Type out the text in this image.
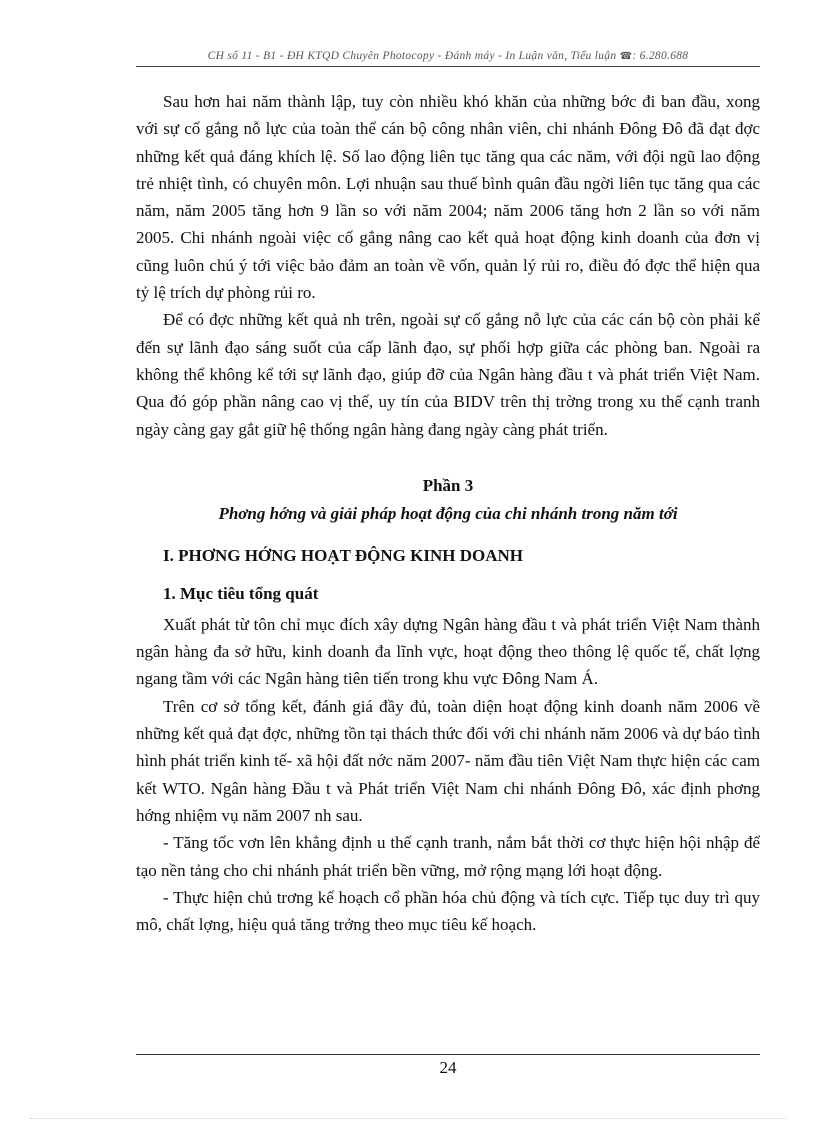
CH số 11 - B1 - ĐH KTQD Chuyên Photocopy - Đánh máy - In Luận văn, Tiểu luận ☎: 6.280.688

Sau hơn hai năm thành lập, tuy còn nhiều khó khăn của những bớc đi ban đầu, xong với sự cố gắng nỗ lực của toàn thể cán bộ công nhân viên, chi nhánh Đông Đô đã đạt đợc những kết quả đáng khích lệ. Số lao động liên tục tăng qua các năm, với đội ngũ lao động trẻ nhiệt tình, có chuyên môn. Lợi nhuận sau thuế bình quân đầu ngời liên tục tăng qua các năm, năm 2005 tăng hơn 9 lần so với năm 2004; năm 2006 tăng hơn 2 lần so với năm 2005. Chi nhánh ngoài việc cố gắng nâng cao kết quả hoạt động kinh doanh của đơn vị cũng luôn chú ý tới việc bảo đảm an toàn về vốn, quản lý rủi ro, điều đó đợc thể hiện qua tỷ lệ trích dự phòng rủi ro.

Để có đợc những kết quả nh trên, ngoài sự cố gắng nỗ lực của các cán bộ còn phải kể đến sự lãnh đạo sáng suốt của cấp lãnh đạo, sự phối hợp giữa các phòng ban. Ngoài ra không thể không kể tới sự lãnh đạo, giúp đỡ của Ngân hàng đầu t và phát triển Việt Nam. Qua đó góp phần nâng cao vị thế, uy tín của BIDV trên thị trờng trong xu thế cạnh tranh ngày càng gay gắt giữ hệ thống ngân hàng đang ngày càng phát triển.

Phần 3
Phơng hớng và giải pháp hoạt động của chi nhánh trong năm tới
I. PHƠNG HỚNG HOẠT ĐỘNG KINH DOANH
1. Mục tiêu tổng quát

Xuất phát từ tôn chỉ mục đích xây dựng Ngân hàng đầu t và phát triển Việt Nam thành ngân hàng đa sở hữu, kinh doanh đa lĩnh vực, hoạt động theo thông lệ quốc tế, chất lợng ngang tầm với các Ngân hàng tiên tiến trong khu vực Đông Nam Á.

Trên cơ sở tổng kết, đánh giá đầy đủ, toàn diện hoạt động kinh doanh năm 2006 về những kết quả đạt đợc, những tồn tại thách thức đối với chi nhánh năm 2006 và dự báo tình hình phát triển kinh tế- xã hội đất nớc năm 2007- năm đầu tiên Việt Nam thực hiện các cam kết WTO. Ngân hàng Đầu t và Phát triển Việt Nam chi nhánh Đông Đô, xác định phơng hớng nhiệm vụ năm 2007 nh sau.

- Tăng tốc vơn lên khẳng định u thế cạnh tranh, nắm bắt thời cơ thực hiện hội nhập để tạo nền tảng cho chi nhánh phát triển bền vững, mở rộng mạng lới hoạt động.

- Thực hiện chủ trơng kế hoạch cổ phần hóa chủ động và tích cực. Tiếp tục duy trì quy mô, chất lợng, hiệu quả tăng trởng theo mục tiêu kế hoạch.

24
